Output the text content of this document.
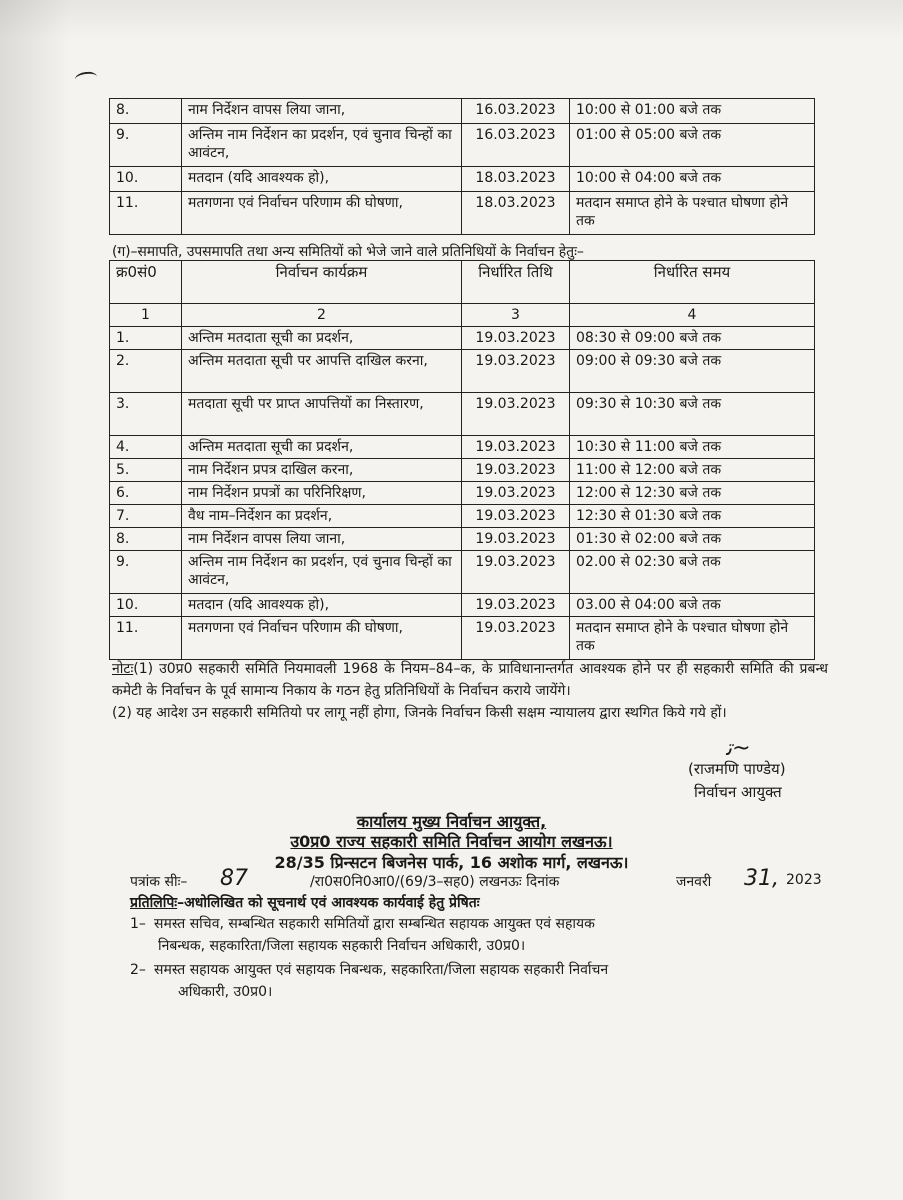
8.	नाम निर्देशन वापस लिया जाना,	16.03.2023	10:00 से 01:00 बजे तक
9.	अन्तिम नाम निर्देशन का प्रदर्शन, एवं चुनाव चिन्हों का आवंटन,	16.03.2023	01:00 से 05:00 बजे तक
10.	मतदान (यदि आवश्यक हो),	18.03.2023	10:00 से 04:00 बजे तक
11.	मतगणना एवं निर्वाचन परिणाम की घोषणा,	18.03.2023	मतदान समाप्त होने के पश्चात घोषणा होने तक
(ग)–समापति, उपसमापति तथा अन्य समितियों को भेजे जाने वाले प्रतिनिधियों के निर्वाचन हेतुः–
क्र0सं0	निर्वाचन कार्यक्रम	निर्धारित तिथि	निर्धारित समय
1	2	3	4
1.	अन्तिम मतदाता सूची का प्रदर्शन,	19.03.2023	08:30 से 09:00 बजे तक
2.	अन्तिम मतदाता सूची पर आपत्ति दाखिल करना,	19.03.2023	09:00 से 09:30 बजे तक
3.	मतदाता सूची पर प्राप्त आपत्तियों का निस्तारण,	19.03.2023	09:30 से 10:30 बजे तक
4.	अन्तिम मतदाता सूची का प्रदर्शन,	19.03.2023	10:30 से 11:00 बजे तक
5.	नाम निर्देशन प्रपत्र दाखिल करना,	19.03.2023	11:00 से 12:00 बजे तक
6.	नाम निर्देशन प्रपत्रों का परिनिरिक्षण,	19.03.2023	12:00 से 12:30 बजे तक
7.	वैध नाम–निर्देशन का प्रदर्शन,	19.03.2023	12:30 से 01:30 बजे तक
8.	नाम निर्देशन वापस लिया जाना,	19.03.2023	01:30 से 02:00 बजे तक
9.	अन्तिम नाम निर्देशन का प्रदर्शन, एवं चुनाव चिन्हों का आवंटन,	19.03.2023	02.00 से 02:30 बजे तक
10.	मतदान (यदि आवश्यक हो),	19.03.2023	03.00 से 04:00 बजे तक
11.	मतगणना एवं निर्वाचन परिणाम की घोषणा,	19.03.2023	मतदान समाप्त होने के पश्चात घोषणा होने तक

नोटः(1) उ0प्र0 सहकारी समिति नियमावली 1968 के नियम–84–क, के प्राविधानान्तर्गत आवश्यक होने पर ही सहकारी समिति की प्रबन्ध कमेटी के निर्वाचन के पूर्व सामान्य निकाय के गठन हेतु प्रतिनिधियों के निर्वाचन कराये जायेंगे।

(2) यह आदेश उन सहकारी समितियो पर लागू नहीं होगा, जिनके निर्वाचन किसी सक्षम न्यायालय द्वारा स्थगित किये गये हों।

ﺗ~
(राजमणि पाण्डेय)
निर्वाचन आयुक्त
कार्यालय मुख्य निर्वाचन आयुक्त,
उ0प्र0 राज्य सहकारी समिति निर्वाचन आयोग लखनऊ।
28/35 प्रिन्सटन बिजनेस पार्क, 16 अशोक मार्ग, लखनऊ।
पत्रांक सीः– 87	/रा0स0नि0आ0/(69/3–सह0) लखनऊः दिनांक	जनवरी 31, 2023
प्रतिलिपिः–अधोलिखित को सूचनार्थ एवं आवश्यक कार्यवाई हेतु प्रेषितः
1– समस्त सचिव, सम्बन्धित सहकारी समितियों द्वारा सम्बन्धित सहायक आयुक्त एवं सहायक
निबन्धक, सहकारिता/जिला सहायक सहकारी निर्वाचन अधिकारी, उ0प्र0।
2– समस्त सहायक आयुक्त एवं सहायक निबन्धक, सहकारिता/जिला सहायक सहकारी निर्वाचन
अधिकारी, उ0प्र0।
